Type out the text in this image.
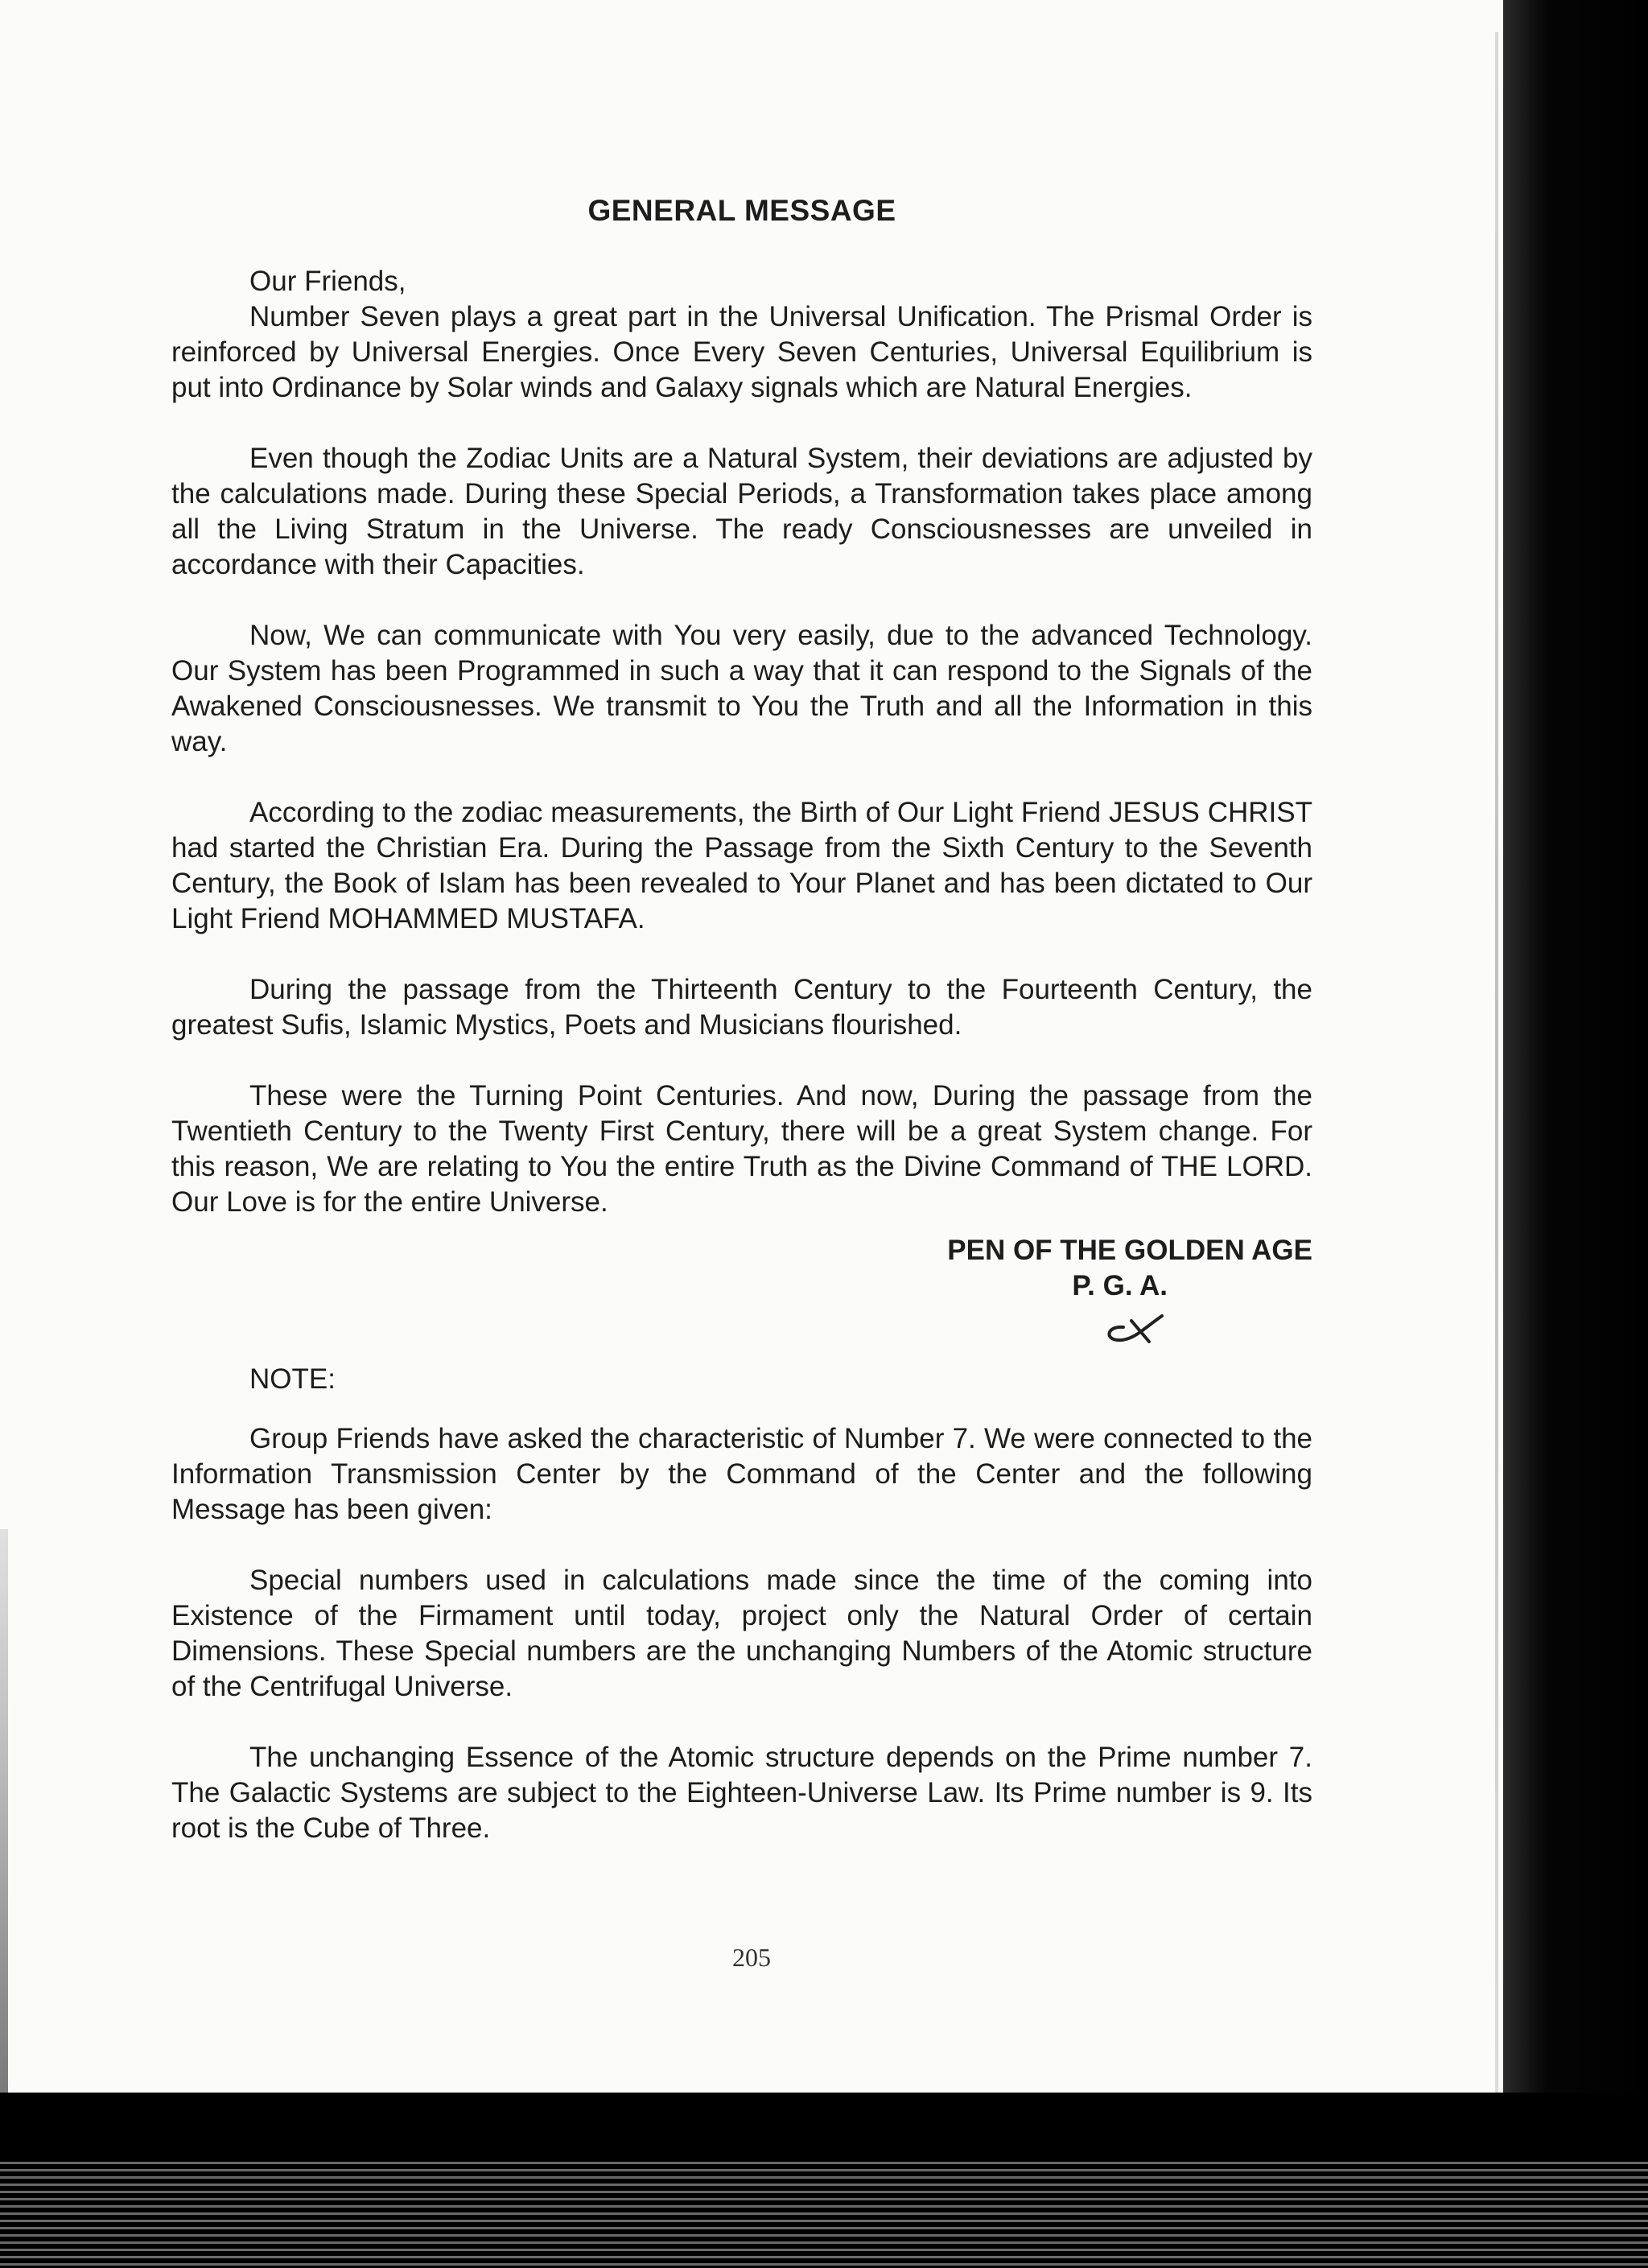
GENERAL MESSAGE

Our Friends,

Number Seven plays a great part in the Universal Unification. The Prismal Order is reinforced by Universal Energies. Once Every Seven Centuries, Universal Equilibrium is put into Ordinance by Solar winds and Galaxy signals which are Natural Energies.

Even though the Zodiac Units are a Natural System, their deviations are adjusted by the calculations made. During these Special Periods, a Transformation takes place among all the Living Stratum in the Universe. The ready Consciousnesses are unveiled in accordance with their Capacities.

Now, We can communicate with You very easily, due to the advanced Technology. Our System has been Programmed in such a way that it can respond to the Signals of the Awakened Consciousnesses. We transmit to You the Truth and all the Information in this way.

According to the zodiac measurements, the Birth of Our Light Friend JESUS CHRIST had started the Christian Era. During the Passage from the Sixth Century to the Seventh Century, the Book of Islam has been revealed to Your Planet and has been dictated to Our Light Friend MOHAMMED MUSTAFA.

During the passage from the Thirteenth Century to the Fourteenth Century, the greatest Sufis, Islamic Mystics, Poets and Musicians flourished.

These were the Turning Point Centuries. And now, During the passage from the Twentieth Century to the Twenty First Century, there will be a great System change. For this reason, We are relating to You the entire Truth as the Divine Command of THE LORD. Our Love is for the entire Universe.

PEN OF THE GOLDEN AGE
P. G. A.

NOTE:

Group Friends have asked the characteristic of Number 7. We were connected to the Information Transmission Center by the Command of the Center and the following Message has been given:

Special numbers used in calculations made since the time of the coming into Existence of the Firmament until today, project only the Natural Order of certain Dimensions. These Special numbers are the unchanging Numbers of the Atomic structure of the Centrifugal Universe.

The unchanging Essence of the Atomic structure depends on the Prime number 7. The Galactic Systems are subject to the Eighteen-Universe Law. Its Prime number is 9. Its root is the Cube of Three.

205
